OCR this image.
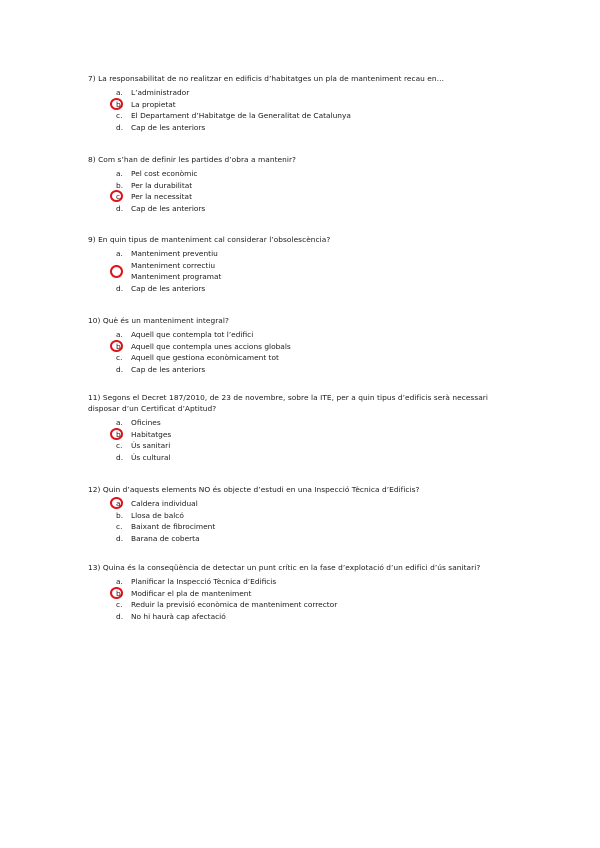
7) La responsabilitat de no realitzar en edificis d’habitatges un pla de manteniment recau en…

a.	L’administrador
b.	La propietat
c.	El Departament d’Habitatge de la Generalitat de Catalunya
d.	Cap de les anteriors

8) Com s’han de definir les partides d’obra a mantenir?

a.	Pel cost econòmic
b.	Per la durabilitat
c.	Per la necessitat
d.	Cap de les anteriors

9) En quin tipus de manteniment cal considerar l’obsolescència?

a.	Manteniment preventiu
Manteniment correctiu
Manteniment programat
d.	Cap de les anteriors

10) Què és un manteniment integral?

a.	Aquell que contempla tot l’edifici
b.	Aquell que contempla unes accions globals
c.	Aquell que gestiona econòmicament tot
d.	Cap de les anteriors

11) Segons el Decret 187/2010, de 23 de novembre, sobre la ITE, per a quin tipus d’edificis serà necessari disposar d’un Certificat d’Aptitud?

a.	Oficines
b.	Habitatges
c.	Ús sanitari
d.	Ús cultural

12) Quin d’aquests elements NO és objecte d’estudi en una Inspecció Tècnica d’Edificis?

a.	Caldera individual
b.	Llosa de balcó
c.	Baixant de fibrociment
d.	Barana de coberta

13) Quina és la conseqüència de detectar un punt crític en la fase d’explotació d’un edifici d’ús sanitari?

a.	Planificar la Inspecció Tècnica d’Edificis
b.	Modificar el pla de manteniment
c.	Reduir la previsió econòmica de manteniment corrector
d.	No hi haurà cap afectació
